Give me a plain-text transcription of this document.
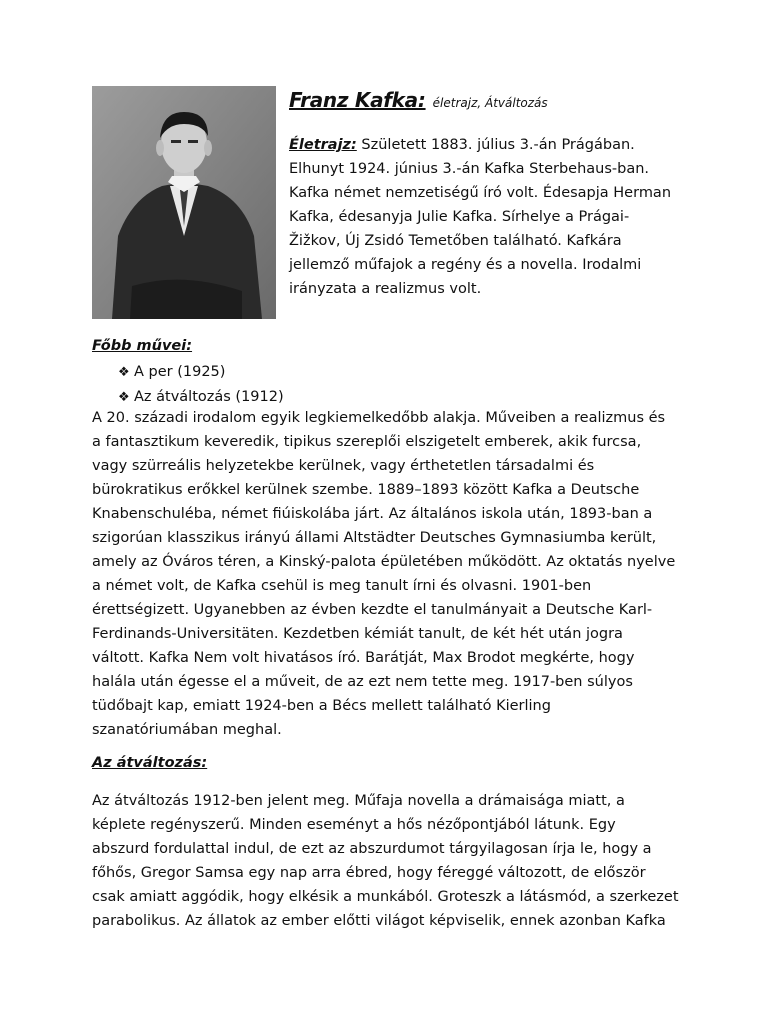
Franz Kafka: életrajz, Átváltozás
Életrajz: Született 1883. július 3.-án Prágában.
Elhunyt 1924. június 3.-án Kafka Sterbehaus-ban.
Kafka német nemzetiségű író volt. Édesapja Herman
Kafka, édesanyja Julie Kafka. Sírhelye a Prágai-
Žižkov, Új Zsidó Temetőben található. Kafkára
jellemző műfajok a regény és a novella. Irodalmi
irányzata a realizmus volt.
Főbb művei:
❖ A per (1925)
❖ Az átváltozás (1912)
A 20. századi irodalom egyik legkiemelkedőbb alakja. Műveiben a realizmus és
a fantasztikum keveredik, tipikus szereplői elszigetelt emberek, akik furcsa,
vagy szürreális helyzetekbe kerülnek, vagy érthetetlen társadalmi és
bürokratikus erőkkel kerülnek szembe. 1889–1893 között Kafka a Deutsche
Knabenschuléba, német fiúiskolába járt. Az általános iskola után, 1893-ban a
szigorúan klasszikus irányú állami Altstädter Deutsches Gymnasiumba került,
amely az Óváros téren, a Kinský-palota épületében működött. Az oktatás nyelve
a német volt, de Kafka csehül is meg tanult írni és olvasni. 1901-ben
érettségizett. Ugyanebben az évben kezdte el tanulmányait a Deutsche Karl-
Ferdinands-Universitäten. Kezdetben kémiát tanult, de két hét után jogra
váltott. Kafka Nem volt hivatásos író. Barátját, Max Brodot megkérte, hogy
halála után égesse el a műveit, de az ezt nem tette meg. 1917-ben súlyos
tüdőbajt kap, emiatt 1924-ben a Bécs mellett található Kierling
szanatóriumában meghal.
Az átváltozás:
Az átváltozás 1912-ben jelent meg. Műfaja novella a drámaisága miatt, a
képlete regényszerű. Minden eseményt a hős nézőpontjából látunk. Egy
abszurd fordulattal indul, de ezt az abszurdumot tárgyilagosan írja le, hogy a
főhős, Gregor Samsa egy nap arra ébred, hogy féreggé változott, de először
csak amiatt aggódik, hogy elkésik a munkából. Groteszk a látásmód, a szerkezet
parabolikus. Az állatok az ember előtti világot képviselik, ennek azonban Kafka
